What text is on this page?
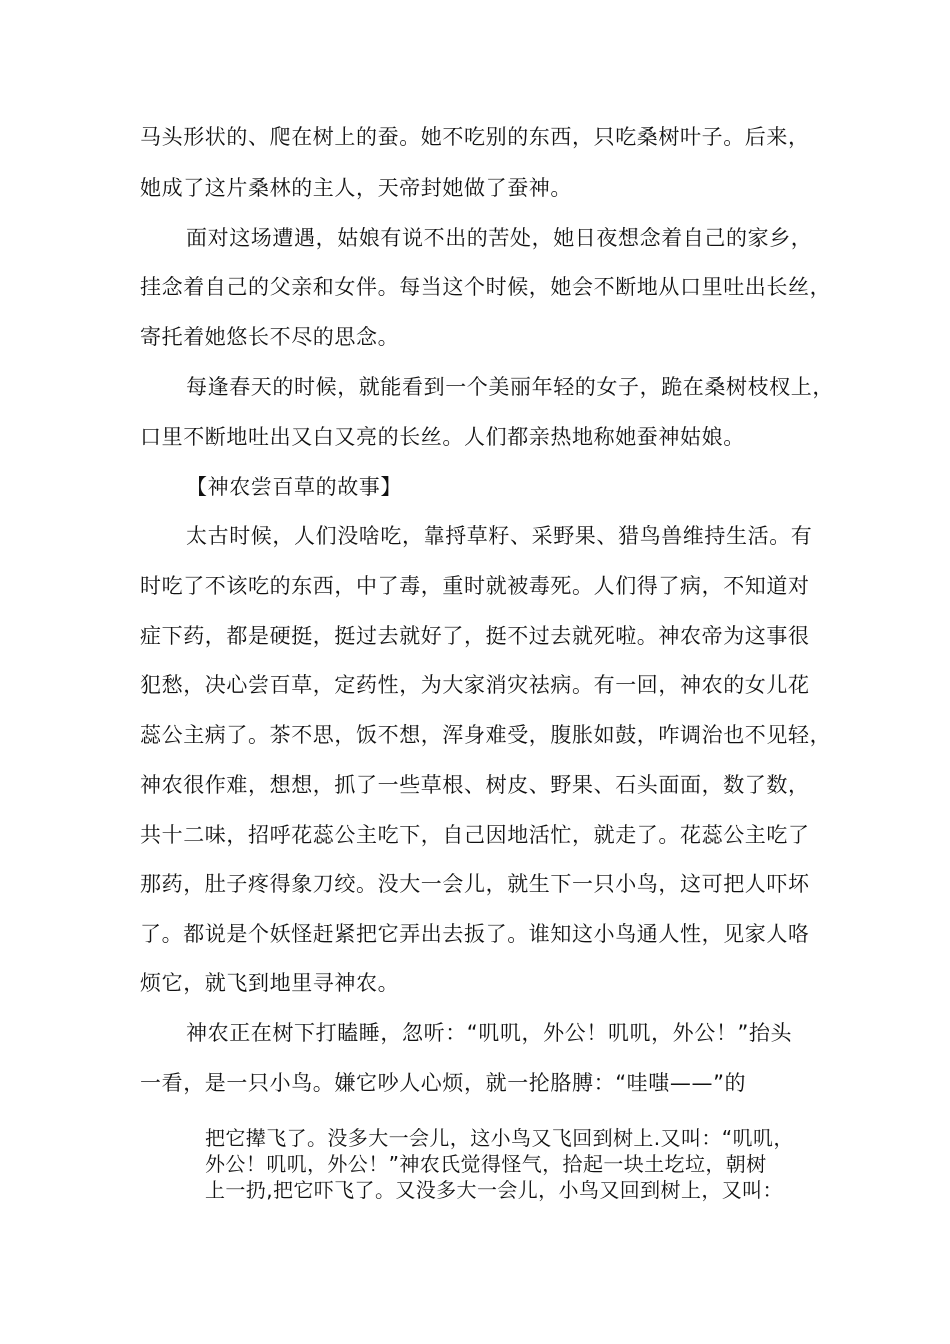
马头形状的、爬在树上的蚕。她不吃别的东西，只吃桑树叶子。后来，
她成了这片桑林的主人，天帝封她做了蚕神。
面对这场遭遇，姑娘有说不出的苦处，她日夜想念着自己的家乡，
挂念着自己的父亲和女伴。每当这个时候，她会不断地从口里吐出长丝，
寄托着她悠长不尽的思念。
每逢春天的时候，就能看到一个美丽年轻的女子，跪在桑树枝杈上，
口里不断地吐出又白又亮的长丝。人们都亲热地称她蚕神姑娘。
【神农尝百草的故事】
太古时候，人们没啥吃，靠捋草籽、采野果、猎鸟兽维持生活。有
时吃了不该吃的东西，中了毒，重时就被毒死。人们得了病，不知道对
症下药，都是硬挺，挺过去就好了，挺不过去就死啦。神农帝为这事很
犯愁，决心尝百草，定药性，为大家消灾祛病。有一回，神农的女儿花
蕊公主病了。茶不思，饭不想，浑身难受，腹胀如鼓，咋调治也不见轻，
神农很作难，想想，抓了一些草根、树皮、野果、石头面面，数了数，
共十二味，招呼花蕊公主吃下，自己因地活忙，就走了。花蕊公主吃了
那药，肚子疼得象刀绞。没大一会儿，就生下一只小鸟，这可把人吓坏
了。都说是个妖怪赶紧把它弄出去扳了。谁知这小鸟通人性，见家人咯
烦它，就飞到地里寻神农。
神农正在树下打瞌睡，忽听：“叽叽，外公！叽叽，外公！”抬头
一看，是一只小鸟。嫌它吵人心烦，就一抡胳膊：“哇嗤——”的
把它撵飞了。没多大一会儿，这小鸟又飞回到树上.又叫：“叽叽，
外公！叽叽，外公！”神农氏觉得怪气，拾起一块土圪垃，朝树
上一扔,把它吓飞了。又没多大一会儿，小鸟又回到树上，又叫：
